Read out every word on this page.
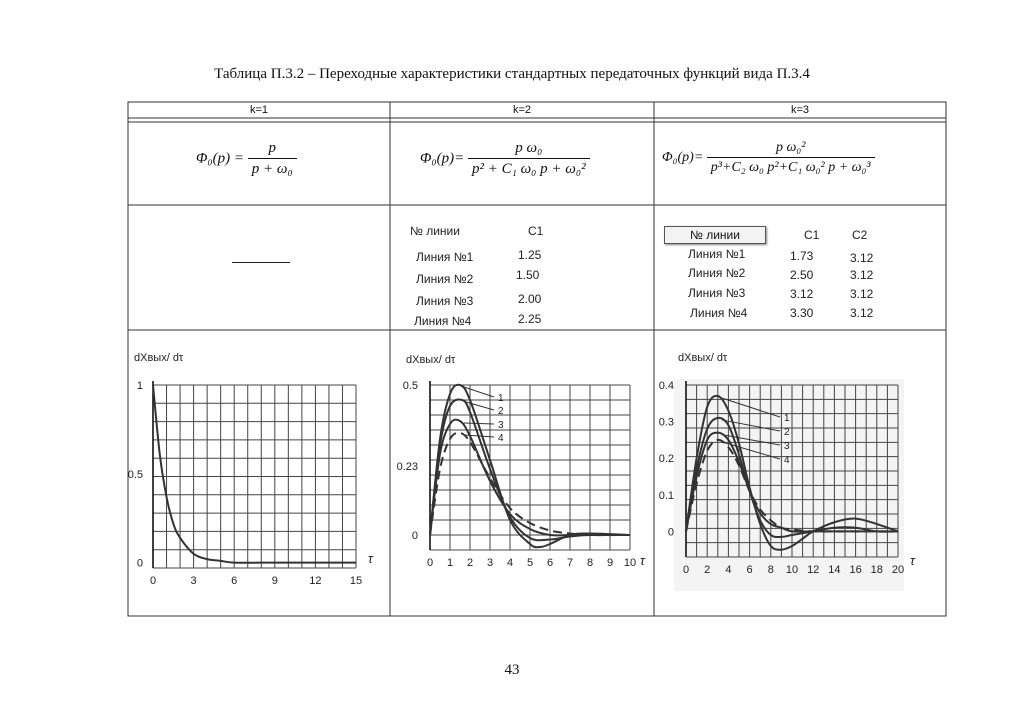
Таблица П.3.2 – Переходные характеристики стандартных передаточных функций вида П.3.4
k=1	k=2	k=3
$\Phi_0(p) = \frac{p}{\text{p + ω₀}}$	$\Phi_0(p)= \frac{\text{p ω₀}}{\text{p² + C₁ ω₀ p + ω₀²}}$	$\Phi_0(p)= \frac{\text{p ω₀²}}{\text{p³+C₂ ω₀ p²+C₁ ω₀² p + ω₀³}}$
№ линии	C1
Линия №1	1.25
Линия №2	1.50
Линия №3	2.00
Линия №4	2.25
№ линии	C1	C2
Линия №1	1.73	3.12
Линия №2	2.50	3.12
Линия №3	3.12	3.12
Линия №4	3.30	3.12
dXвых/ dτ	dXвых/ dτ	dXвых/ dτ
0	3	6	9	12	15
1
0.5
0	τ	0 1 2 3 4 5 6 7 8 9 10
0.5
0.23
0
τ
1
2
3
4
0 2 4 6 8 10 12 14 16 18 20
0.4
0.3
0.2
0.1
0
τ
1
2
3
4
43
